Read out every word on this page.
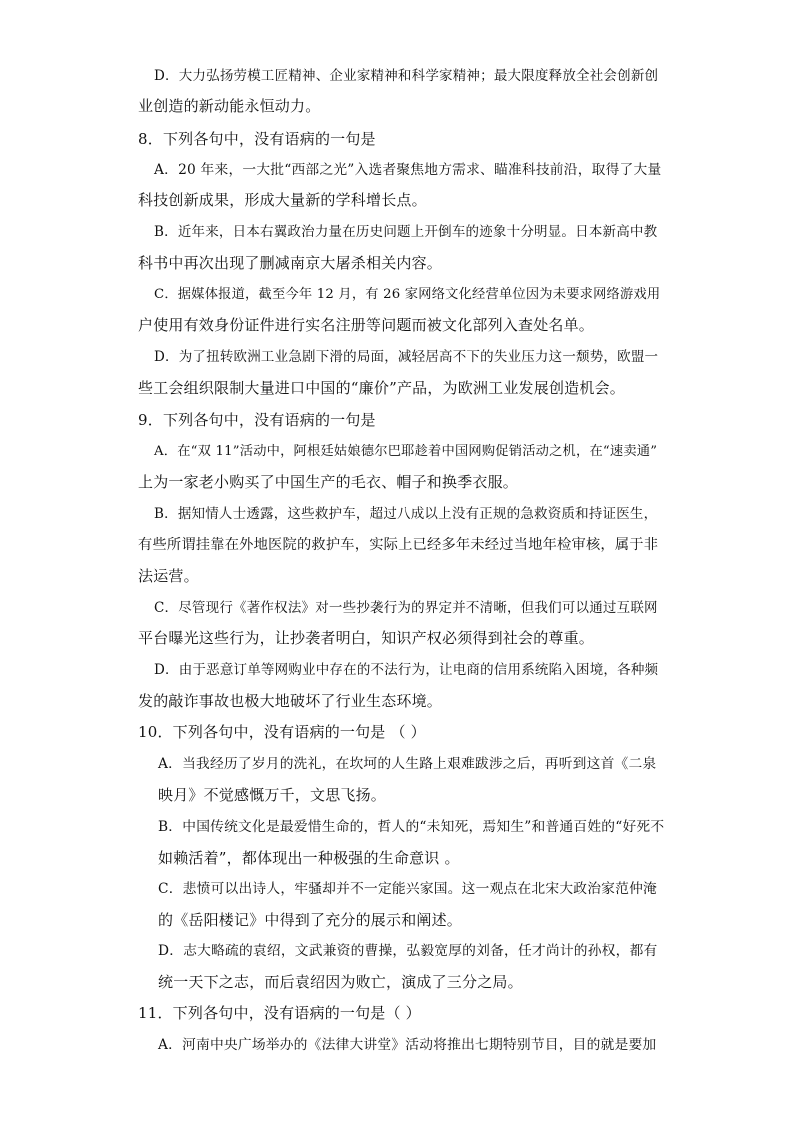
D．大力弘扬劳模工匠精神、企业家精神和科学家精神；最大限度释放全社会创新创
业创造的新动能永恒动力。
8．下列各句中，没有语病的一句是
A．20 年来，一大批“西部之光”入选者聚焦地方需求、瞄准科技前沿，取得了大量
科技创新成果，形成大量新的学科增长点。
B．近年来，日本右翼政治力量在历史问题上开倒车的迹象十分明显。日本新高中教
科书中再次出现了删减南京大屠杀相关内容。
C．据媒体报道，截至今年 12 月，有 26 家网络文化经营单位因为未要求网络游戏用
户使用有效身份证件进行实名注册等问题而被文化部列入查处名单。
D．为了扭转欧洲工业急剧下滑的局面，减轻居高不下的失业压力这一颓势，欧盟一
些工会组织限制大量进口中国的“廉价”产品，为欧洲工业发展创造机会。
9．下列各句中，没有语病的一句是
A．在“双 11”活动中，阿根廷姑娘德尔巴耶趁着中国网购促销活动之机，在“速卖通”
上为一家老小购买了中国生产的毛衣、帽子和换季衣服。
B．据知情人士透露，这些救护车，超过八成以上没有正规的急救资质和持证医生，
有些所谓挂靠在外地医院的救护车，实际上已经多年未经过当地年检审核，属于非
法运营。
C．尽管现行《著作权法》对一些抄袭行为的界定并不清晰，但我们可以通过互联网
平台曝光这些行为，让抄袭者明白，知识产权必须得到社会的尊重。
D．由于恶意订单等网购业中存在的不法行为，让电商的信用系统陷入困境，各种频
发的敲诈事故也极大地破坏了行业生态环境。
10．下列各句中，没有语病的一句是 （ ）
A．当我经历了岁月的洗礼，在坎坷的人生路上艰难跋涉之后，再听到这首《二泉
映月》不觉感慨万千，文思飞扬。
B．中国传统文化是最爱惜生命的，哲人的“未知死，焉知生”和普通百姓的“好死不
如赖活着”，都体现出一种极强的生命意识 。
C．悲愤可以出诗人，牢骚却并不一定能兴家国。这一观点在北宋大政治家范仲淹
的《岳阳楼记》中得到了充分的展示和阐述。
D．志大略疏的袁绍，文武兼资的曹操，弘毅宽厚的刘备，任才尚计的孙权，都有
统一天下之志，而后袁绍因为败亡，演成了三分之局。
11．下列各句中，没有语病的一句是（ ）
A．河南中央广场举办的《法律大讲堂》活动将推出七期特别节目，目的就是要加
